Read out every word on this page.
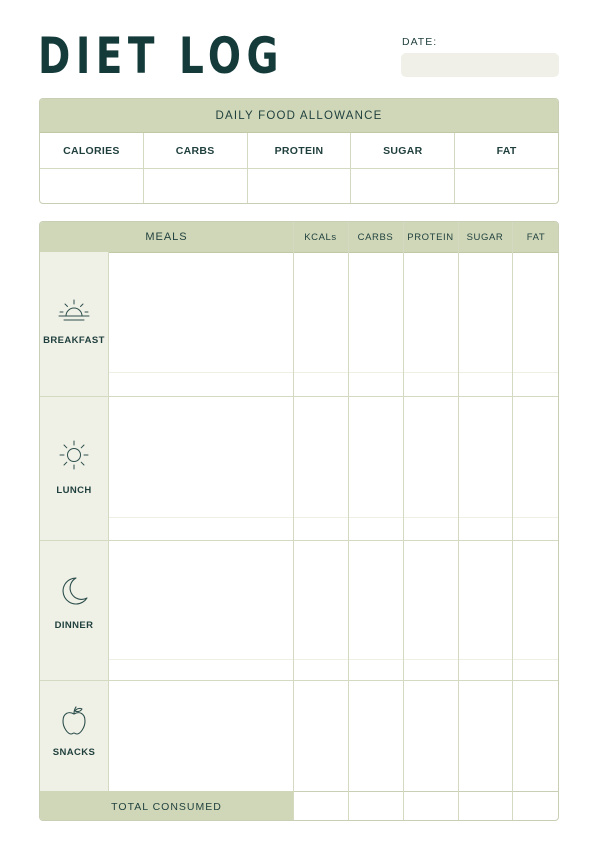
DIET LOG	DATE:
DAILY FOOD ALLOWANCE
CALORIES	CARBS	PROTEIN	SUGAR	FAT
MEALS	KCALs	CARBS	PROTEIN	SUGAR	FAT
BREAKFAST
LUNCH
DINNER
SNACKS
TOTAL CONSUMED
